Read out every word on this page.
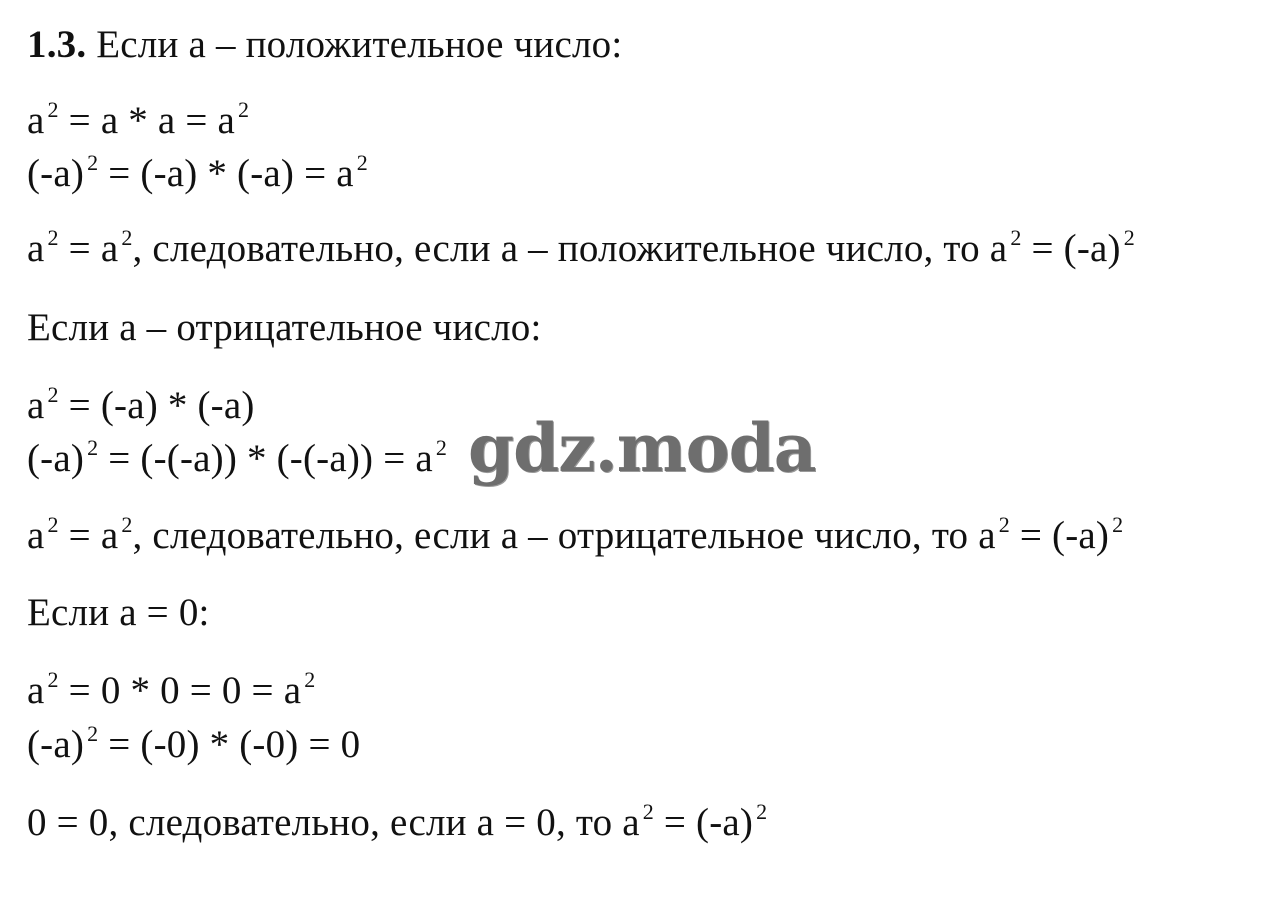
1.3. Если а – положительное число:
a $^2$ = a * a = a $^2$
(-a) $^2$ = (-a) * (-a) = a $^2$
a $^2$ = a $^2$, следовательно, если а – положительное число, то a $^2$ = (-a) $^2$
Если а – отрицательное число:
a $^2$ = (-a) * (-a)
(-a) $^2$ = (-(-a)) * (-(-a)) = a $^2$
a $^2$ = a $^2$, следовательно, если а – отрицательное число, то a $^2$ = (-a) $^2$
Если а = 0:
a $^2$ = 0 * 0 = 0 = a $^2$
(-a) $^2$ = (-0) * (-0) = 0
0 = 0, следовательно, если а = 0, то a $^2$ = (-a) $^2$
gdz.moda
